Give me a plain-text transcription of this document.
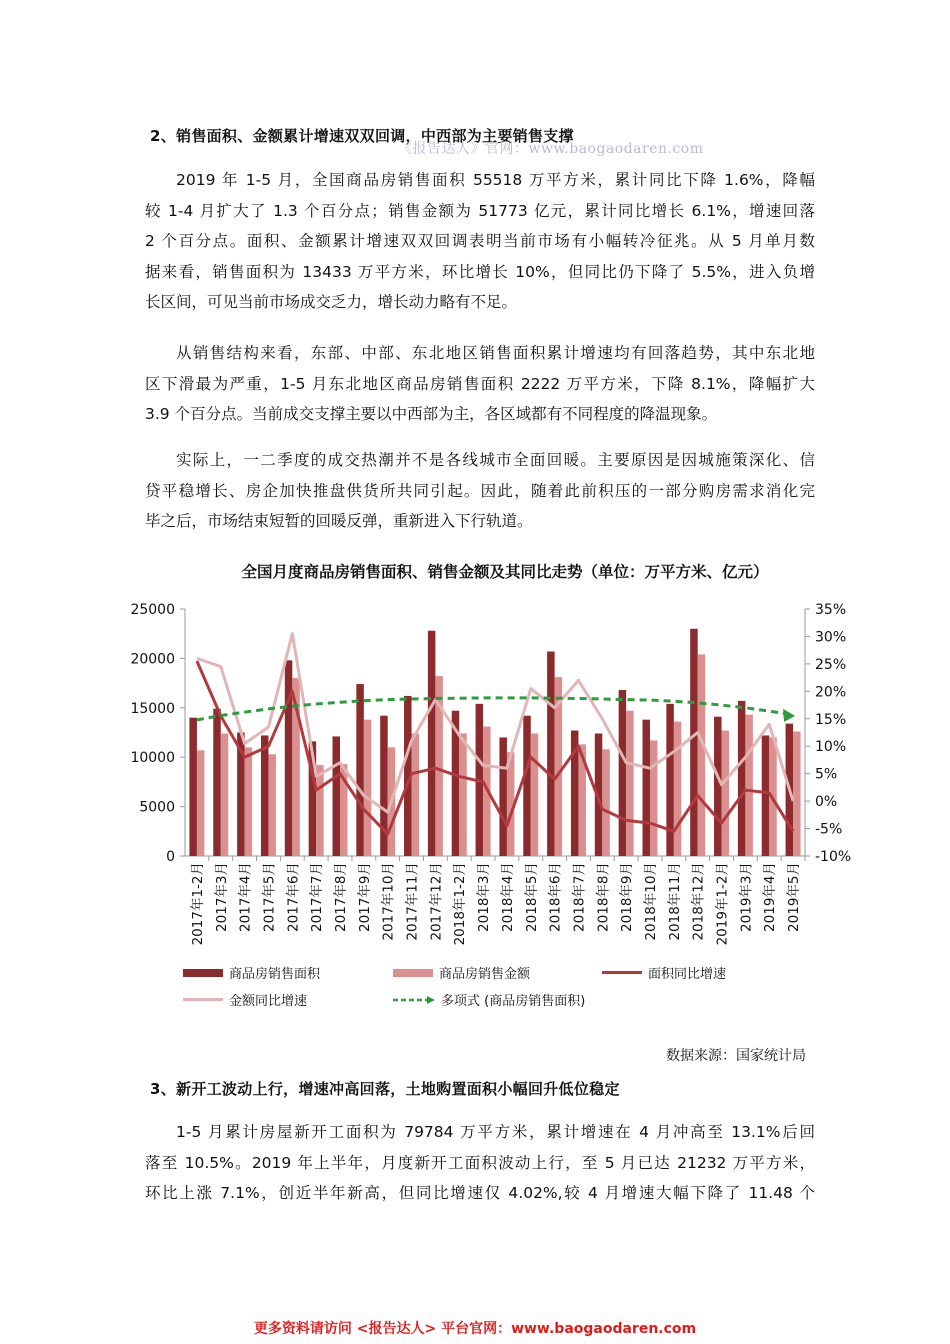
2、销售面积、金额累计增速双双回调，中西部为主要销售支撑
《报告达人》官网：www.baogaodaren.com
2019 年 1-5 月，全国商品房销售面积 55518 万平方米，累计同比下降 1.6%，降幅
较 1-4 月扩大了 1.3 个百分点；销售金额为 51773 亿元，累计同比增长 6.1%，增速回落
2 个百分点。面积、金额累计增速双双回调表明当前市场有小幅转冷征兆。从 5 月单月数
据来看，销售面积为 13433 万平方米，环比增长 10%，但同比仍下降了 5.5%，进入负增
长区间，可见当前市场成交乏力，增长动力略有不足。
从销售结构来看，东部、中部、东北地区销售面积累计增速均有回落趋势，其中东北地
区下滑最为严重，1-5 月东北地区商品房销售面积 2222 万平方米，下降 8.1%，降幅扩大
3.9 个百分点。当前成交支撑主要以中西部为主，各区域都有不同程度的降温现象。
实际上，一二季度的成交热潮并不是各线城市全面回暖。主要原因是因城施策深化、信
贷平稳增长、房企加快推盘供货所共同引起。因此，随着此前积压的一部分购房需求消化完
毕之后，市场结束短暂的回暖反弹，重新进入下行轨道。
全国月度商品房销售面积、销售金额及其同比走势（单位：万平方米、亿元）
0
5000
10000
15000
20000
25000
-10%
-5%
0%
5%
10%
15%
20%
25%
30%
35%
2017年1-2月 2017年3月 2017年4月 2017年5月 2017年6月 2017年7月 2017年8月 2017年9月 2017年10月 2017年11月 2017年12月 2018年1-2月 2018年3月 2018年4月 2018年5月 2018年6月 2018年7月 2018年8月 2018年9月 2018年10月 2018年11月 2018年12月 2019年1-2月 2019年3月 2019年4月 2019年5月
商品房销售面积	商品房销售金额	面积同比增速
金额同比增速	多项式 (商品房销售面积)
数据来源：国家统计局
3、新开工波动上行，增速冲高回落，土地购置面积小幅回升低位稳定
1-5 月累计房屋新开工面积为 79784 万平方米，累计增速在 4 月冲高至 13.1%后回
落至 10.5%。2019 年上半年，月度新开工面积波动上行，至 5 月已达 21232 万平方米，
环比上涨 7.1%，创近半年新高，但同比增速仅 4.02%,较 4 月增速大幅下降了 11.48 个
更多资料请访问 <报告达人> 平台官网：www.baogaodaren.com
